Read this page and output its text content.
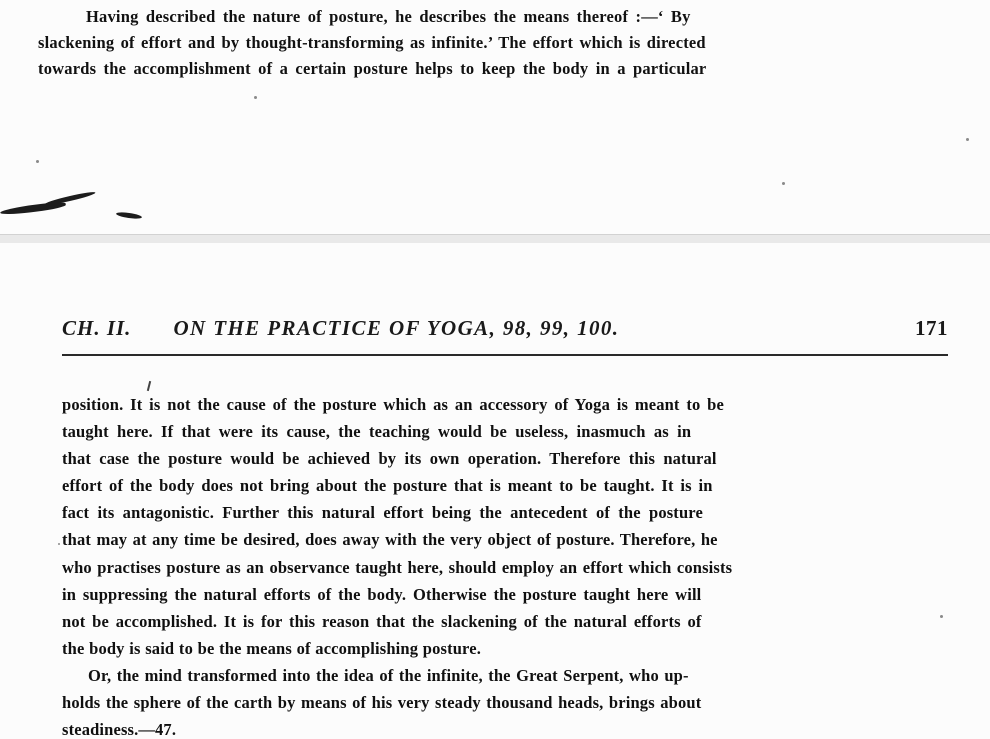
Having described the nature of posture, he describes the means thereof :—‘ By
slackening of effort and by thought-transforming as infinite.’ The effort which is directed
towards the accomplishment of a certain posture helps to keep the body in a particular
CH. II. ON THE PRACTICE OF YOGA, 98, 99, 100.	171
position. It is not the cause of the posture which as an accessory of Yoga is meant to be
taught here. If that were its cause, the teaching would be useless, inasmuch as in
that case the posture would be achieved by its own operation. Therefore this natural
effort of the body does not bring about the posture that is meant to be taught. It is in
fact its antagonistic. Further this natural effort being the antecedent of the posture
that may at any time be desired, does away with the very object of posture. Therefore, he
who practises posture as an observance taught here, should employ an effort which consists
in suppressing the natural efforts of the body. Otherwise the posture taught here will
not be accomplished. It is for this reason that the slackening of the natural efforts of
the body is said to be the means of accomplishing posture.
Or, the mind transformed into the idea of the infinite, the Great Serpent, who up-
holds the sphere of the carth by means of his very steady thousand heads, brings about
steadiness.—47.
